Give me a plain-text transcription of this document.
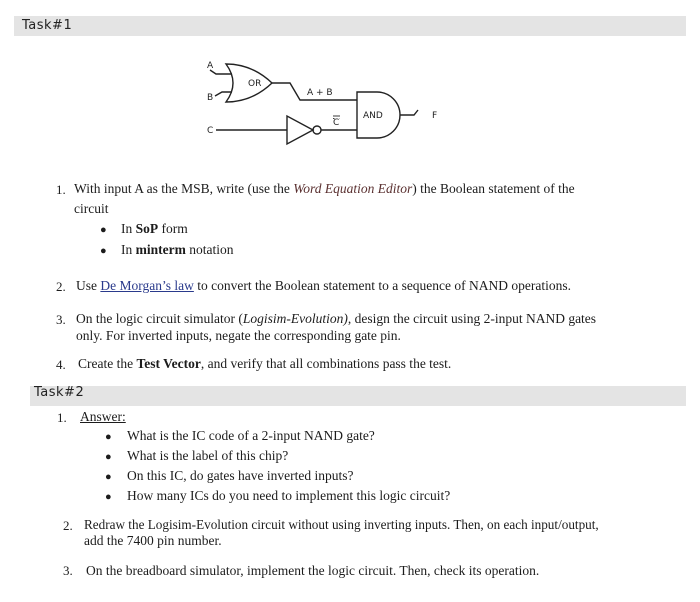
Task#1
A
B
C
OR
A + B
C
AND	F
1. With input A as the MSB, write (use the Word Equation Editor) the Boolean statement of the
circuit
● In SoP form
● In minterm notation
2. Use De Morgan’s law to convert the Boolean statement to a sequence of NAND operations.
3. On the logic circuit simulator (Logisim-Evolution), design the circuit using 2-input NAND gates
only. For inverted inputs, negate the corresponding gate pin.
4. Create the Test Vector, and verify that all combinations pass the test.
Task#2
1. Answer:
● What is the IC code of a 2-input NAND gate?
● What is the label of this chip?
● On this IC, do gates have inverted inputs?
● How many ICs do you need to implement this logic circuit?
2. Redraw the Logisim-Evolution circuit without using inverting inputs. Then, on each input/output,
add the 7400 pin number.
3. On the breadboard simulator, implement the logic circuit. Then, check its operation.
